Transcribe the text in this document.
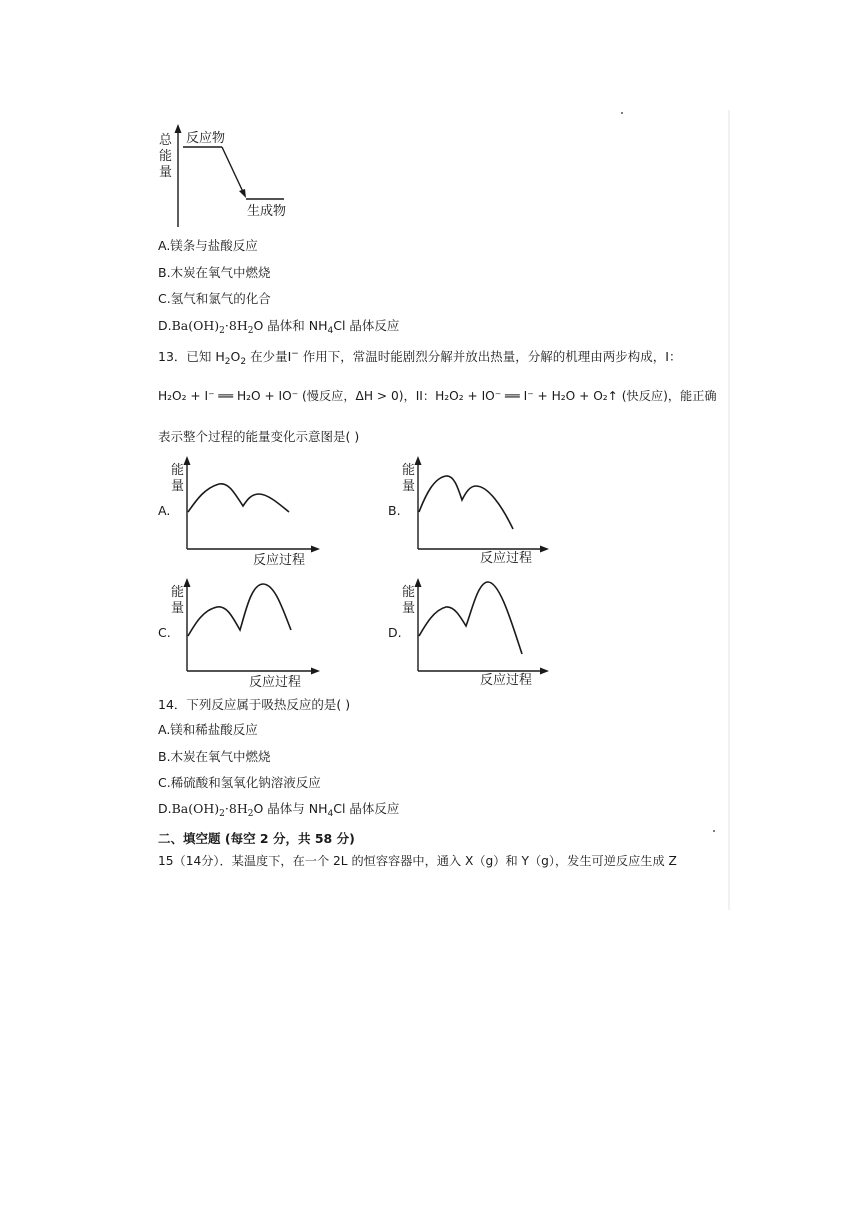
总
能
量
反应物
生成物
A.镁条与盐酸反应
B.木炭在氧气中燃烧
C.氢气和氯气的化合
$D.Ba(OH)_2\cdot 8H_2O$ 晶体和 $NH_4Cl$ 晶体反应
13．已知 $H_2O_2$ 在少量I− 作用下，常温时能剧烈分解并放出热量，分解的机理由两步构成，I：
H₂O₂ + I⁻ ══ H₂O + IO⁻ (慢反应，ΔH > 0)，II：H₂O₂ + IO⁻ ══ I⁻ + H₂O + O₂↑ (快反应)，能正确
表示整个过程的能量变化示意图是( )
A.
能
量
反应过程
B.
能
量
反应过程
C.
能
量
反应过程
D.
能
量
反应过程
14．下列反应属于吸热反应的是( )
A.镁和稀盐酸反应
B.木炭在氧气中燃烧
C.稀硫酸和氢氧化钠溶液反应
$D.Ba(OH)_2\cdot 8H_2O$ 晶体与 $NH_4Cl$ 晶体反应
二、填空题 (每空 2 分，共 58 分)
15（14分）．某温度下，在一个 2L 的恒容容器中，通入 X（g）和 Y（g），发生可逆反应生成 Z
